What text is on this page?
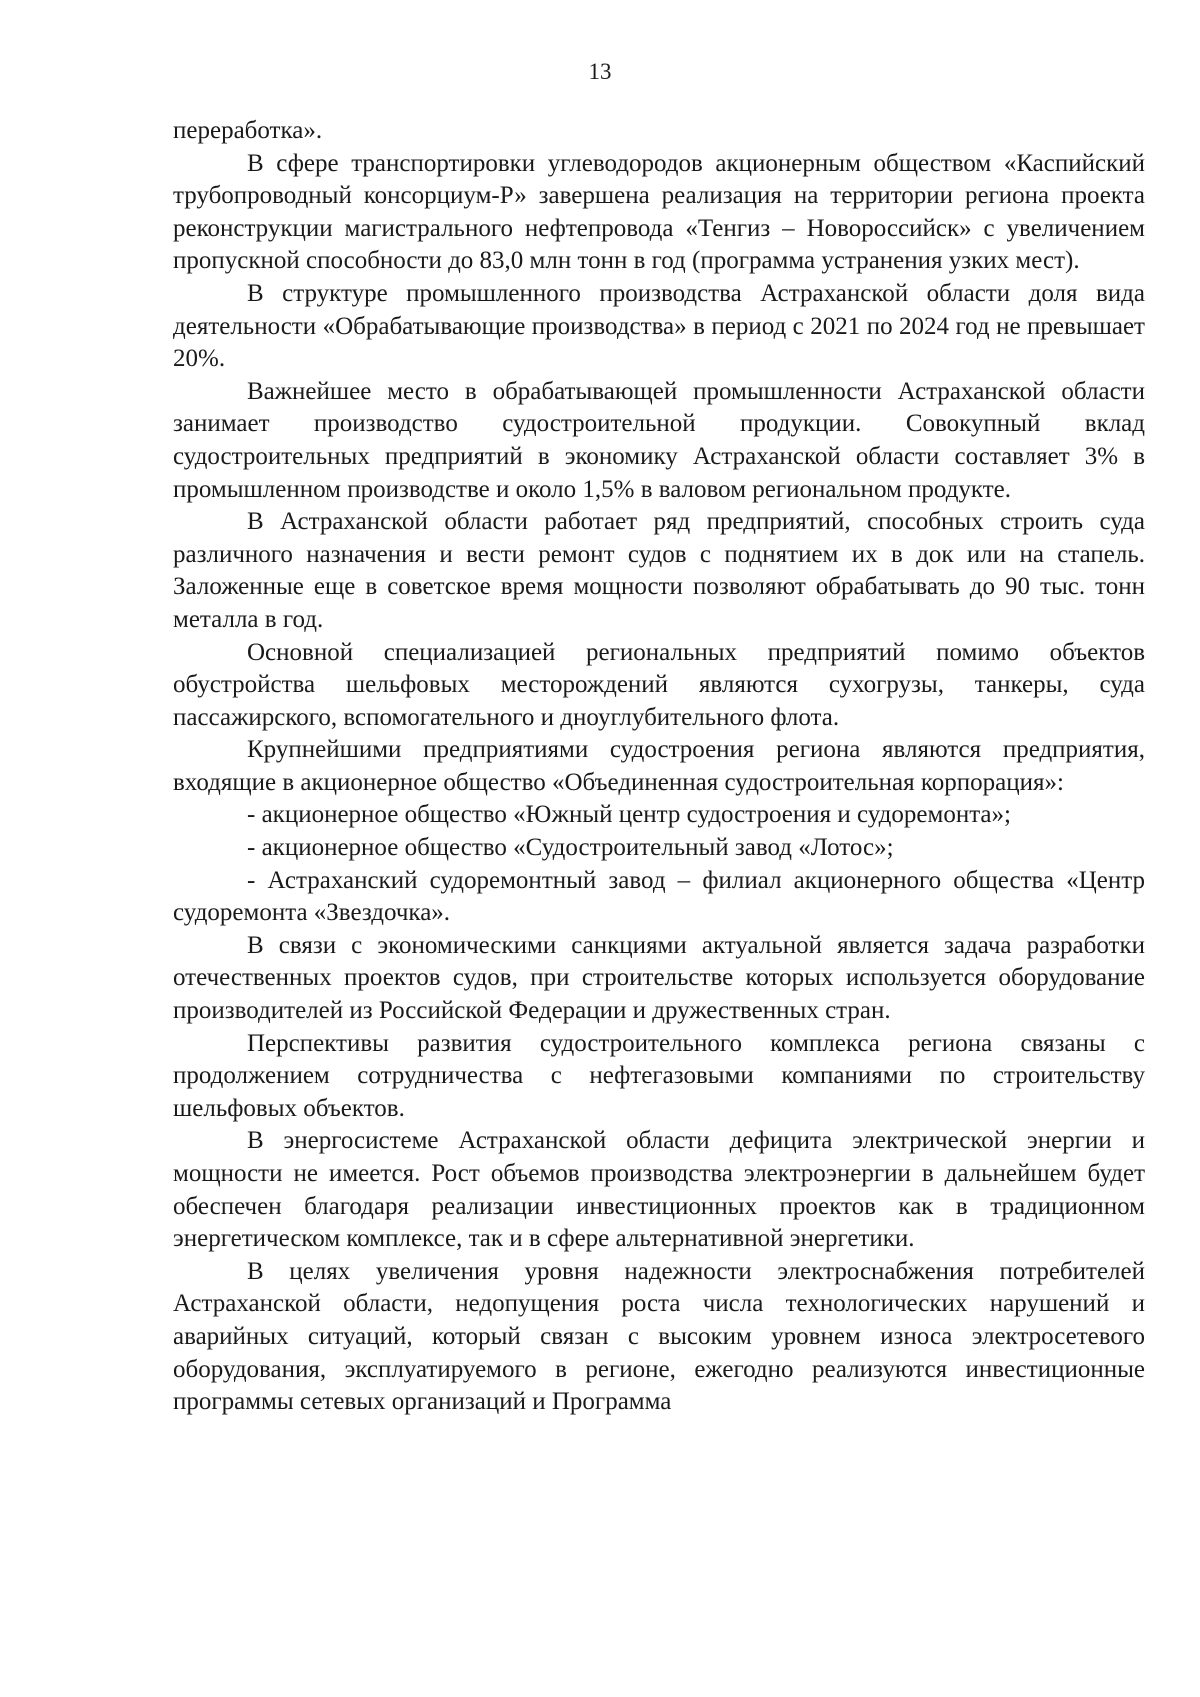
13

переработка».

В сфере транспортировки углеводородов акционерным обществом «Каспийский трубопроводный консорциум-Р» завершена реализация на территории региона проекта реконструкции магистрального нефтепровода «Тенгиз – Новороссийск» с увеличением пропускной способности до 83,0 млн тонн в год (программа устранения узких мест).

В структуре промышленного производства Астраханской области доля вида деятельности «Обрабатывающие производства» в период с 2021 по 2024 год не превышает 20%.

Важнейшее место в обрабатывающей промышленности Астраханской области занимает производство судостроительной продукции. Совокупный вклад судостроительных предприятий в экономику Астраханской области составляет 3% в промышленном производстве и около 1,5% в валовом региональном продукте.

В Астраханской области работает ряд предприятий, способных строить суда различного назначения и вести ремонт судов с поднятием их в док или на стапель. Заложенные еще в советское время мощности позволяют обрабатывать до 90 тыс. тонн металла в год.

Основной специализацией региональных предприятий помимо объектов обустройства шельфовых месторождений являются сухогрузы, танкеры, суда пассажирского, вспомогательного и дноуглубительного флота.

Крупнейшими предприятиями судостроения региона являются предприятия, входящие в акционерное общество «Объединенная судостроительная корпорация»:

- акционерное общество «Южный центр судостроения и судоремонта»;

- акционерное общество «Судостроительный завод «Лотос»;

- Астраханский судоремонтный завод – филиал акционерного общества «Центр судоремонта «Звездочка».

В связи с экономическими санкциями актуальной является задача разработки отечественных проектов судов, при строительстве которых используется оборудование производителей из Российской Федерации и дружественных стран.

Перспективы развития судостроительного комплекса региона связаны с продолжением сотрудничества с нефтегазовыми компаниями по строительству шельфовых объектов.

В энергосистеме Астраханской области дефицита электрической энергии и мощности не имеется. Рост объемов производства электроэнергии в дальнейшем будет обеспечен благодаря реализации инвестиционных проектов как в традиционном энергетическом комплексе, так и в сфере альтернативной энергетики.

В целях увеличения уровня надежности электроснабжения потребителей Астраханской области, недопущения роста числа технологических нарушений и аварийных ситуаций, который связан с высоким уровнем износа электросетевого оборудования, эксплуатируемого в регионе, ежегодно реализуются инвестиционные программы сетевых организаций и Программа
